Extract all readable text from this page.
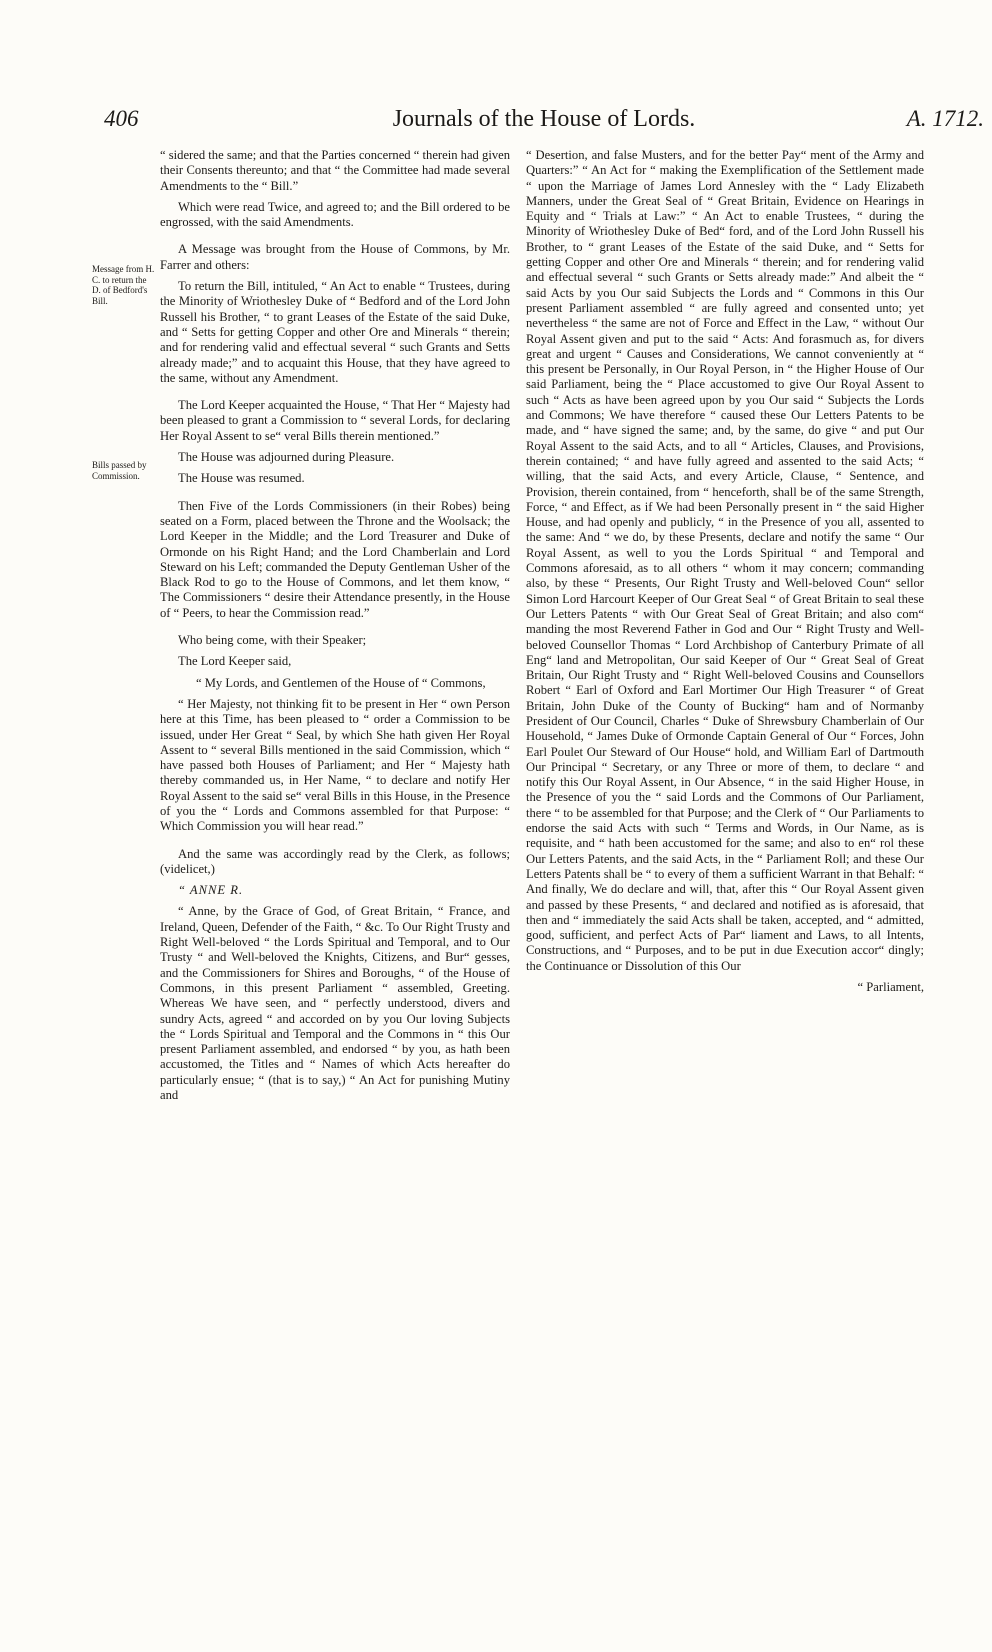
406	Journals of the House of Lords.	A. 1712.
Message from H. C. to return the D. of Bedford's Bill.
Bills passed by Commission.

“ sidered the same; and that the Parties concerned “ therein had given their Consents thereunto; and that “ the Committee had made several Amendments to the “ Bill.”

Which were read Twice, and agreed to; and the Bill ordered to be engrossed, with the said Amendments.

A Message was brought from the House of Commons, by Mr. Farrer and others:

To return the Bill, intituled, “ An Act to enable “ Trustees, during the Minority of Wriothesley Duke of “ Bedford and of the Lord John Russell his Brother, “ to grant Leases of the Estate of the said Duke, and “ Setts for getting Copper and other Ore and Minerals “ therein; and for rendering valid and effectual several “ such Grants and Setts already made;” and to acquaint this House, that they have agreed to the same, without any Amendment.

The Lord Keeper acquainted the House, “ That Her “ Majesty had been pleased to grant a Commission to “ several Lords, for declaring Her Royal Assent to se“ veral Bills therein mentioned.”

The House was adjourned during Pleasure.

The House was resumed.

Then Five of the Lords Commissioners (in their Robes) being seated on a Form, placed between the Throne and the Woolsack; the Lord Keeper in the Middle; and the Lord Treasurer and Duke of Ormonde on his Right Hand; and the Lord Chamberlain and Lord Steward on his Left; commanded the Deputy Gentleman Usher of the Black Rod to go to the House of Commons, and let them know, “ The Commissioners “ desire their Attendance presently, in the House of “ Peers, to hear the Commission read.”

Who being come, with their Speaker;

The Lord Keeper said,

“ My Lords, and Gentlemen of the House of “ Commons,

“ Her Majesty, not thinking fit to be present in Her “ own Person here at this Time, has been pleased to “ order a Commission to be issued, under Her Great “ Seal, by which She hath given Her Royal Assent to “ several Bills mentioned in the said Commission, which “ have passed both Houses of Parliament; and Her “ Majesty hath thereby commanded us, in Her Name, “ to declare and notify Her Royal Assent to the said se“ veral Bills in this House, in the Presence of you the “ Lords and Commons assembled for that Purpose: “ Which Commission you will hear read.”

And the same was accordingly read by the Clerk, as follows; (videlicet,)

“ ANNE R.

“ Anne, by the Grace of God, of Great Britain, “ France, and Ireland, Queen, Defender of the Faith, “ &c. To Our Right Trusty and Right Well-beloved “ the Lords Spiritual and Temporal, and to Our Trusty “ and Well-beloved the Knights, Citizens, and Bur“ gesses, and the Commissioners for Shires and Boroughs, “ of the House of Commons, in this present Parliament “ assembled, Greeting. Whereas We have seen, and “ perfectly understood, divers and sundry Acts, agreed “ and accorded on by you Our loving Subjects the “ Lords Spiritual and Temporal and the Commons in “ this Our present Parliament assembled, and endorsed “ by you, as hath been accustomed, the Titles and “ Names of which Acts hereafter do particularly ensue; “ (that is to say,) “ An Act for punishing Mutiny and

“ Desertion, and false Musters, and for the better Pay“ ment of the Army and Quarters:” “ An Act for “ making the Exemplification of the Settlement made “ upon the Marriage of James Lord Annesley with the “ Lady Elizabeth Manners, under the Great Seal of “ Great Britain, Evidence on Hearings in Equity and “ Trials at Law:” “ An Act to enable Trustees, “ during the Minority of Wriothesley Duke of Bed“ ford, and of the Lord John Russell his Brother, to “ grant Leases of the Estate of the said Duke, and “ Setts for getting Copper and other Ore and Minerals “ therein; and for rendering valid and effectual several “ such Grants or Setts already made:” And albeit the “ said Acts by you Our said Subjects the Lords and “ Commons in this Our present Parliament assembled “ are fully agreed and consented unto; yet nevertheless “ the same are not of Force and Effect in the Law, “ without Our Royal Assent given and put to the said “ Acts: And forasmuch as, for divers great and urgent “ Causes and Considerations, We cannot conveniently at “ this present be Personally, in Our Royal Person, in “ the Higher House of Our said Parliament, being the “ Place accustomed to give Our Royal Assent to such “ Acts as have been agreed upon by you Our said “ Subjects the Lords and Commons; We have therefore “ caused these Our Letters Patents to be made, and “ have signed the same; and, by the same, do give “ and put Our Royal Assent to the said Acts, and to all “ Articles, Clauses, and Provisions, therein contained; “ and have fully agreed and assented to the said Acts; “ willing, that the said Acts, and every Article, Clause, “ Sentence, and Provision, therein contained, from “ henceforth, shall be of the same Strength, Force, “ and Effect, as if We had been Personally present in “ the said Higher House, and had openly and publicly, “ in the Presence of you all, assented to the same: And “ we do, by these Presents, declare and notify the same “ Our Royal Assent, as well to you the Lords Spiritual “ and Temporal and Commons aforesaid, as to all others “ whom it may concern; commanding also, by these “ Presents, Our Right Trusty and Well-beloved Coun“ sellor Simon Lord Harcourt Keeper of Our Great Seal “ of Great Britain to seal these Our Letters Patents “ with Our Great Seal of Great Britain; and also com“ manding the most Reverend Father in God and Our “ Right Trusty and Well-beloved Counsellor Thomas “ Lord Archbishop of Canterbury Primate of all Eng“ land and Metropolitan, Our said Keeper of Our “ Great Seal of Great Britain, Our Right Trusty and “ Right Well-beloved Cousins and Counsellors Robert “ Earl of Oxford and Earl Mortimer Our High Treasurer “ of Great Britain, John Duke of the County of Bucking“ ham and of Normanby President of Our Council, Charles “ Duke of Shrewsbury Chamberlain of Our Household, “ James Duke of Ormonde Captain General of Our “ Forces, John Earl Poulet Our Steward of Our House“ hold, and William Earl of Dartmouth Our Principal “ Secretary, or any Three or more of them, to declare “ and notify this Our Royal Assent, in Our Absence, “ in the said Higher House, in the Presence of you the “ said Lords and the Commons of Our Parliament, there “ to be assembled for that Purpose; and the Clerk of “ Our Parliaments to endorse the said Acts with such “ Terms and Words, in Our Name, as is requisite, and “ hath been accustomed for the same; and also to en“ rol these Our Letters Patents, and the said Acts, in the “ Parliament Roll; and these Our Letters Patents shall be “ to every of them a sufficient Warrant in that Behalf: “ And finally, We do declare and will, that, after this “ Our Royal Assent given and passed by these Presents, “ and declared and notified as is aforesaid, that then and “ immediately the said Acts shall be taken, accepted, and “ admitted, good, sufficient, and perfect Acts of Par“ liament and Laws, to all Intents, Constructions, and “ Purposes, and to be put in due Execution accor“ dingly; the Continuance or Dissolution of this Our

“ Parliament,
